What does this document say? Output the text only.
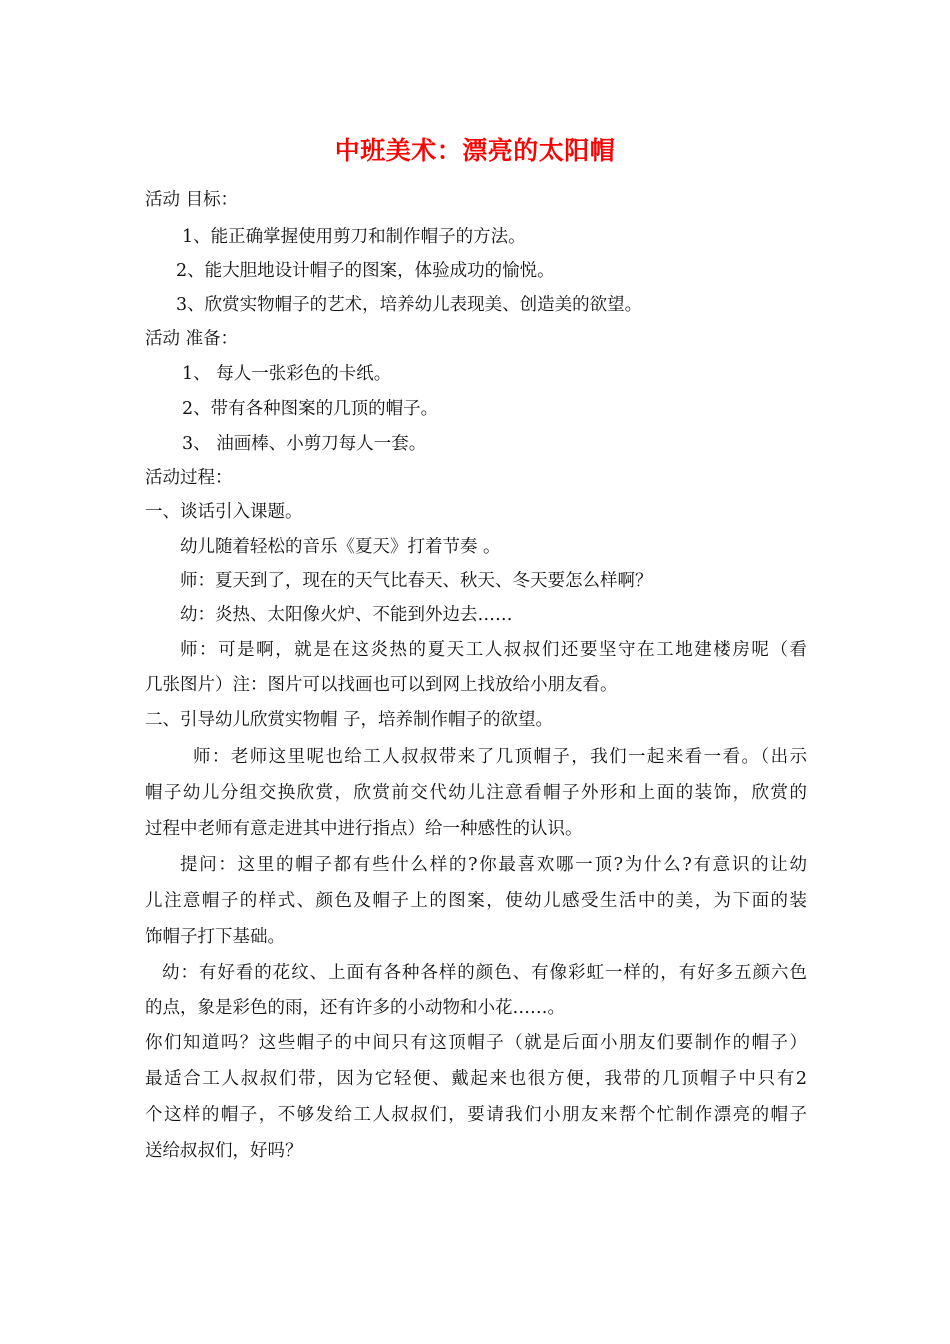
中班美术：漂亮的太阳帽
活动 目标：
1、能正确掌握使用剪刀和制作帽子的方法。
2、能大胆地设计帽子的图案，体验成功的愉悦。
3、欣赏实物帽子的艺术，培养幼儿表现美、创造美的欲望。
活动 准备：
1、 每人一张彩色的卡纸。
2、带有各种图案的几顶的帽子。
3、 油画棒、小剪刀每人一套。
活动过程：
一、谈话引入课题。
幼儿随着轻松的音乐《夏天》打着节奏 。
师：夏天到了，现在的天气比春天、秋天、冬天要怎么样啊？
幼：炎热、太阳像火炉、不能到外边去……
师：可是啊，就是在这炎热的夏天工人叔叔们还要坚守在工地建楼房呢（看
几张图片）注：图片可以找画也可以到网上找放给小朋友看。
二、引导幼儿欣赏实物帽 子，培养制作帽子的欲望。
师：老师这里呢也给工人叔叔带来了几顶帽子，我们一起来看一看。（出示
帽子幼儿分组交换欣赏，欣赏前交代幼儿注意看帽子外形和上面的装饰，欣赏的
过程中老师有意走进其中进行指点）给一种感性的认识。
提问：这里的帽子都有些什么样的?你最喜欢哪一顶?为什么?有意识的让幼
儿注意帽子的样式、颜色及帽子上的图案，使幼儿感受生活中的美，为下面的装
饰帽子打下基础。
幼：有好看的花纹、上面有各种各样的颜色、有像彩虹一样的，有好多五颜六色
的点，象是彩色的雨，还有许多的小动物和小花……。
你们知道吗？这些帽子的中间只有这顶帽子（就是后面小朋友们要制作的帽子）
最适合工人叔叔们带，因为它轻便、戴起来也很方便，我带的几顶帽子中只有2
个这样的帽子，不够发给工人叔叔们，要请我们小朋友来帮个忙制作漂亮的帽子
送给叔叔们，好吗？
